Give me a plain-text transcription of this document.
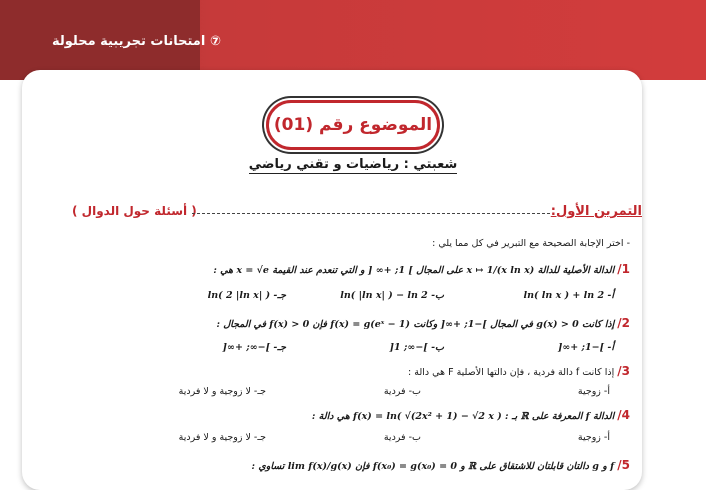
⑦ امتحانات تجريبية محلولة
الموضوع رقم (01)
شعبتي : رياضيات و تقني رياضي
التمرين الأول:
( أسئلة حول الدوال )
- اختر الإجابة الصحيحة مع التبرير في كل مما يلي :
1/ الدالة الأصلية للدالة x ↦ 1/(x ln x) على المجال ] 1; +∞ [ و التي تنعدم عند القيمة x = √e هي :
أ- ln( ln x ) + ln 2
ب- ln( |ln x| ) − ln 2
جـ- ln( 2 |ln x| )
2/ إذا كانت g(x) > 0 في المجال ]−1; +∞[ وكانت f(x) = g(eˣ − 1) فإن f(x) > 0 في المجال :
أ- ]−1; +∞[
ب- ]−∞; 1[
جـ- ]−∞; +∞[
3/ إذا كانت f دالة فردية ، فإن دالتها الأصلية F هي دالة :
أ- زوجية
ب- فردية
جـ- لا زوجية و لا فردية
4/ الدالة f المعرفة على ℝ بـ : f(x) = ln( √(2x² + 1) − √2 x ) هي دالة :
أ- زوجية
ب- فردية
جـ- لا زوجية و لا فردية
5/ f و g دالتان قابلتان للاشتقاق على ℝ و f(x₀) = g(x₀) = 0 فإن lim f(x)/g(x) تساوي :
